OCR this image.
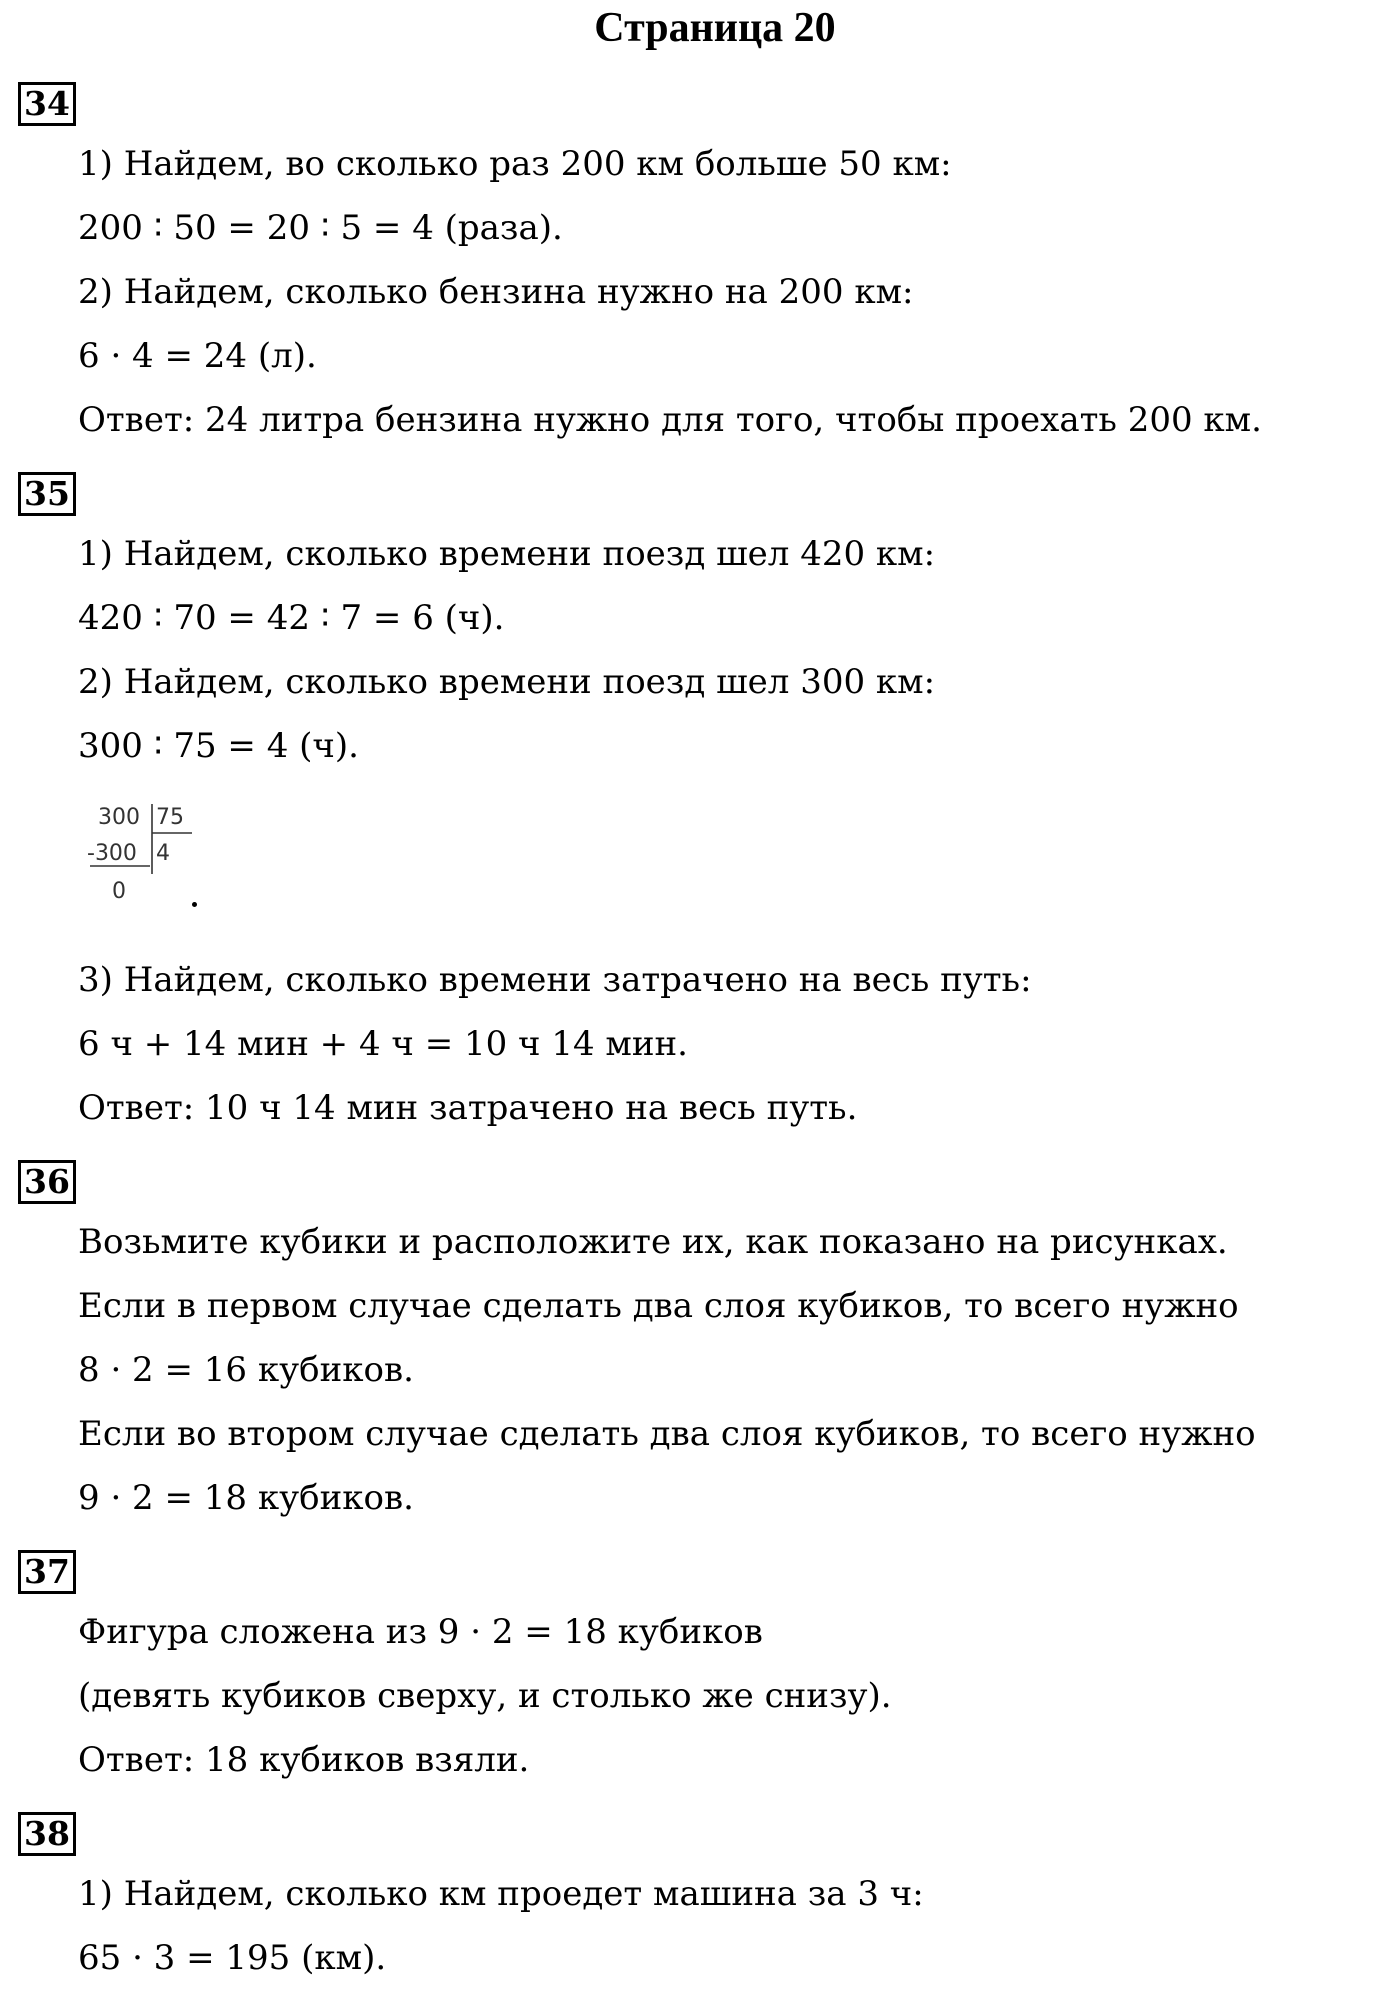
Страница 20
34
1) Найдем, во сколько раз 200 км больше 50 км:
200 ∶ 50 = 20 ∶ 5 = 4 (раза).
2) Найдем, сколько бензина нужно на 200 км:
6 · 4 = 24 (л).
Ответ: 24 литра бензина нужно для того, чтобы проехать 200 км.
35
1) Найдем, сколько времени поезд шел 420 км:
420 ∶ 70 = 42 ∶ 7 = 6 (ч).
2) Найдем, сколько времени поезд шел 300 км:
300 ∶ 75 = 4 (ч).
300 75
-300 4
0
3) Найдем, сколько времени затрачено на весь путь:
6 ч + 14 мин + 4 ч = 10 ч 14 мин.
Ответ: 10 ч 14 мин затрачено на весь путь.
36
Возьмите кубики и расположите их, как показано на рисунках.
Если в первом случае сделать два слоя кубиков, то всего нужно
8 · 2 = 16 кубиков.
Если во втором случае сделать два слоя кубиков, то всего нужно
9 · 2 = 18 кубиков.
37
Фигура сложена из 9 · 2 = 18 кубиков
(девять кубиков сверху, и столько же снизу).
Ответ: 18 кубиков взяли.
38
1) Найдем, сколько км проедет машина за 3 ч:
65 · 3 = 195 (км).
